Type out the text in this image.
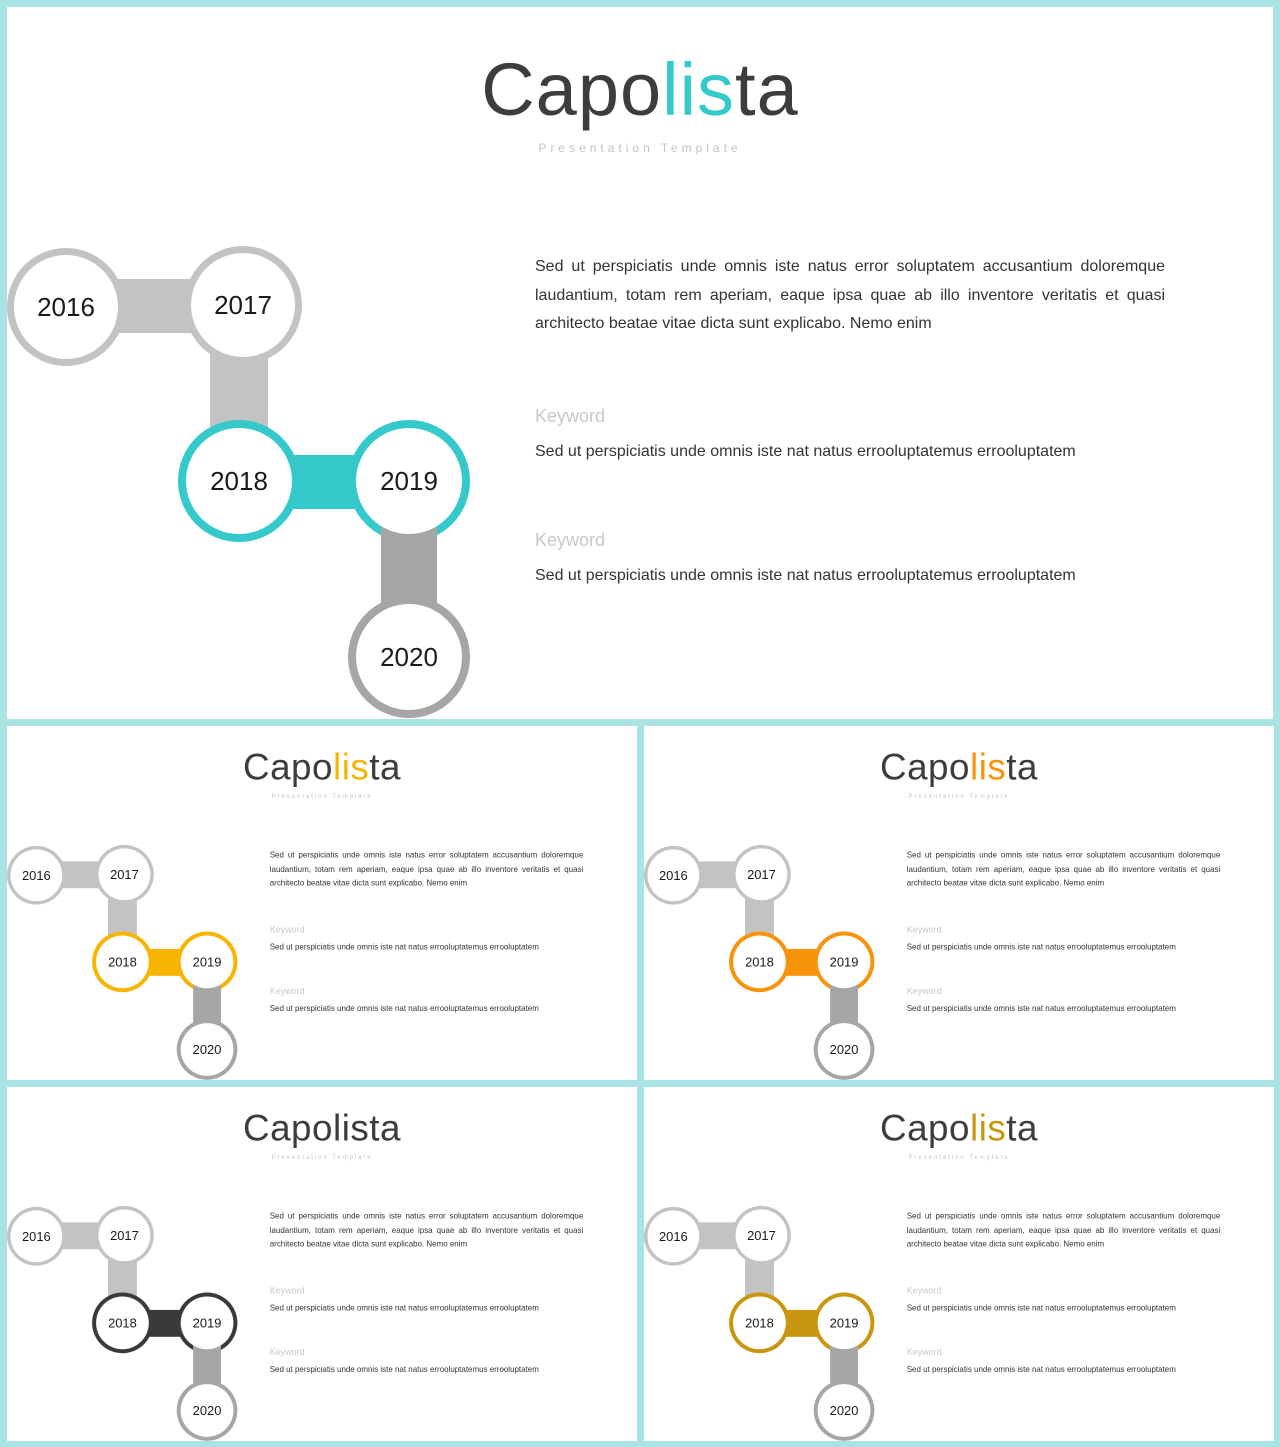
Capolista
Presentation Template
2016	2017
2018	2019
2020

Sed ut perspiciatis unde omnis iste natus error soluptatem accusantium doloremque laudantium, totam rem aperiam, eaque ipsa quae ab illo inventore veritatis et quasi architecto beatae vitae dicta sunt explicabo. Nemo enim

Keyword
Sed ut perspiciatis unde omnis iste nat natus errooluptatemus errooluptatem
Keyword
Sed ut perspiciatis unde omnis iste nat natus errooluptatemus errooluptatem
Capolista
Presentation Template
2016 2017
2018 2019
2020

Sed ut perspiciatis unde omnis iste natus error soluptatem accusantium doloremque laudantium, totam rem aperiam, eaque ipsa quae ab illo inventore veritatis et quasi architecto beatae vitae dicta sunt explicabo. Nemo enim

Keyword
Sed ut perspiciatis unde omnis iste nat natus errooluptatemus errooluptatem
Keyword
Sed ut perspiciatis unde omnis iste nat natus errooluptatemus errooluptatem
Capolista
Presentation Template
2016 2017
2018 2019
2020

Sed ut perspiciatis unde omnis iste natus error soluptatem accusantium doloremque laudantium, totam rem aperiam, eaque ipsa quae ab illo inventore veritatis et quasi architecto beatae vitae dicta sunt explicabo. Nemo enim

Keyword
Sed ut perspiciatis unde omnis iste nat natus errooluptatemus errooluptatem
Keyword
Sed ut perspiciatis unde omnis iste nat natus errooluptatemus errooluptatem
Capolista
Presentation Template
2016 2017
2018 2019
2020

Sed ut perspiciatis unde omnis iste natus error soluptatem accusantium doloremque laudantium, totam rem aperiam, eaque ipsa quae ab illo inventore veritatis et quasi architecto beatae vitae dicta sunt explicabo. Nemo enim

Keyword
Sed ut perspiciatis unde omnis iste nat natus errooluptatemus errooluptatem
Keyword
Sed ut perspiciatis unde omnis iste nat natus errooluptatemus errooluptatem
Capolista
Presentation Template
2016 2017
2018 2019
2020

Sed ut perspiciatis unde omnis iste natus error soluptatem accusantium doloremque laudantium, totam rem aperiam, eaque ipsa quae ab illo inventore veritatis et quasi architecto beatae vitae dicta sunt explicabo. Nemo enim

Keyword
Sed ut perspiciatis unde omnis iste nat natus errooluptatemus errooluptatem
Keyword
Sed ut perspiciatis unde omnis iste nat natus errooluptatemus errooluptatem
